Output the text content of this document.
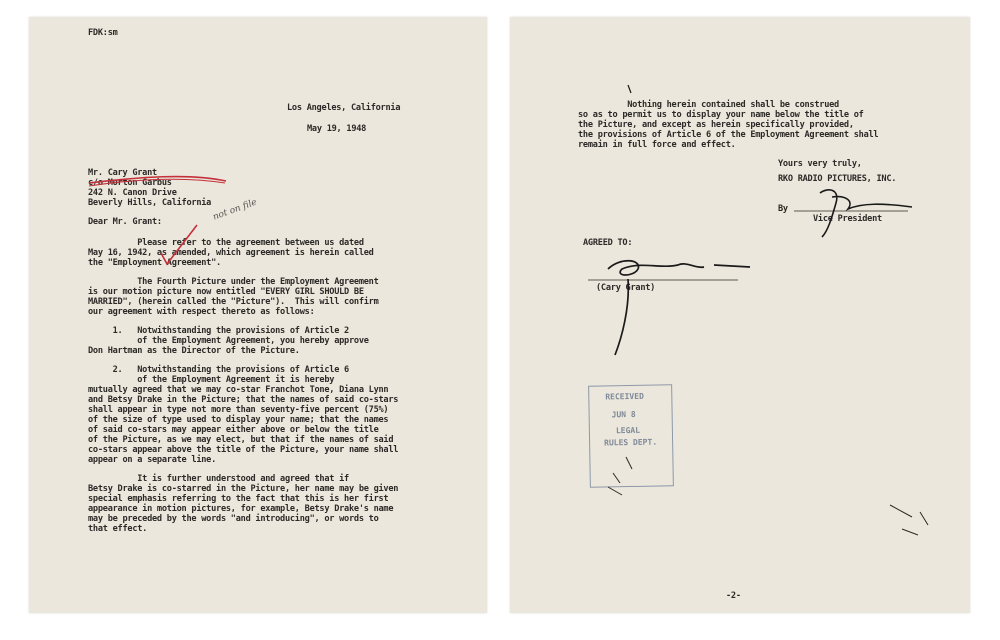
FDK:sm
Los Angeles, California
May 19, 1948
Mr. Cary Grant
c/o Morton Garbus
242 N. Canon Drive
Beverly Hills, California not on file
Dear Mr. Grant:
Please refer to the agreement between us dated
May 16, 1942, as amended, which agreement is herein called
the "Employment Agreement".
The Fourth Picture under the Employment Agreement
is our motion picture now entitled "EVERY GIRL SHOULD BE
MARRIED", (herein called the "Picture").  This will confirm
our agreement with respect thereto as follows:
1.   Notwithstanding the provisions of Article 2
of the Employment Agreement, you hereby approve
Don Hartman as the Director of the Picture.
2.   Notwithstanding the provisions of Article 6
of the Employment Agreement it is hereby
mutually agreed that we may co-star Franchot Tone, Diana Lynn
and Betsy Drake in the Picture; that the names of said co-stars
shall appear in type not more than seventy-five percent (75%)
of the size of type used to display your name; that the names
of said co-stars may appear either above or below the title
of the Picture, as we may elect, but that if the names of said
co-stars appear above the title of the Picture, your name shall
appear on a separate line.
It is further understood and agreed that if
Betsy Drake is co-starred in the Picture, her name may be given
special emphasis referring to the fact that this is her first
appearance in motion pictures, for example, Betsy Drake's name
may be preceded by the words "and introducing", or words to
that effect.
Nothing herein contained shall be construed
so as to permit us to display your name below the title of
the Picture, and except as herein specifically provided,
the provisions of Article 6 of the Employment Agreement shall
remain in full force and effect.
Yours very truly,
RKO RADIO PICTURES, INC.
By
Vice President
AGREED TO:
(Cary Grant)
RECEIVED
JUN 8
LEGAL
RULES DEPT.
-2-
